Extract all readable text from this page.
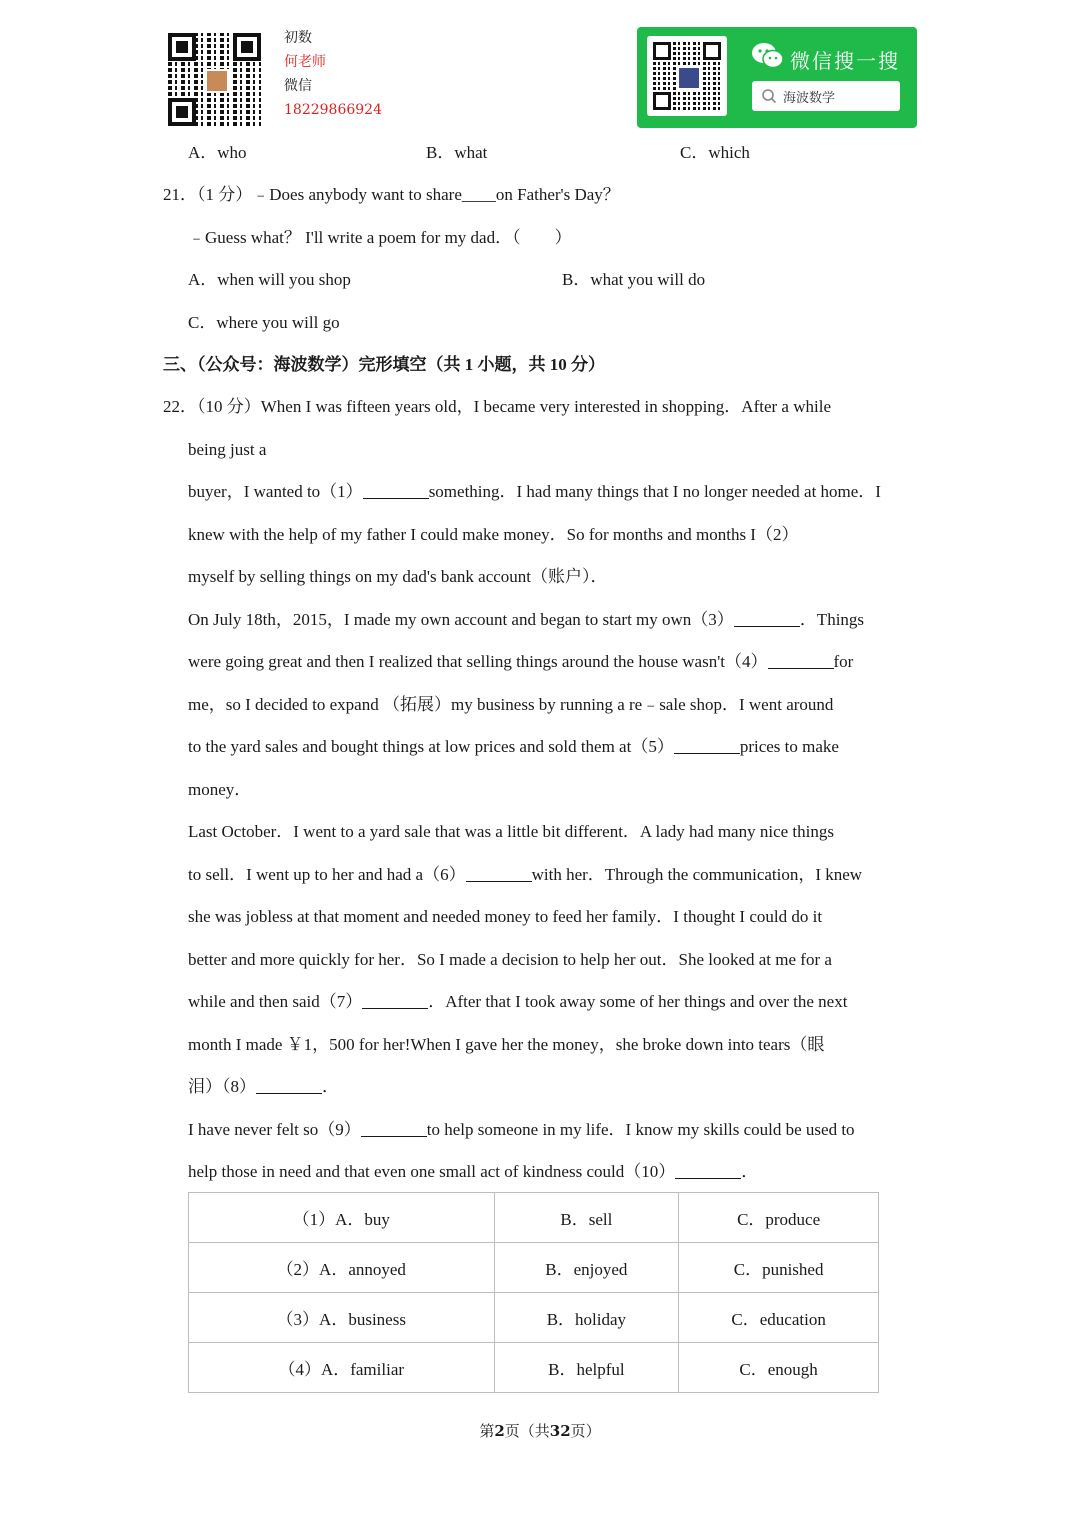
初数
何老师
微信
18229866924
微信搜一搜
海波数学
A．who	B．what	C．which
21．（1 分）﹣Does anybody want to share____on Father's Day？
﹣Guess what？ I'll write a poem for my dad．（　　）
A．when will you shop	B．what you will do
C．where you will go
三、（公众号：海波数学）完形填空（共 1 小题，共 10 分）
22．（10 分）When I was fifteen years old，I became very interested in shopping．After a while
being just a
buyer，I wanted to（1）	something．I had many things that I no longer needed at home．I
knew with the help of my father I could make money．So for months and months I（2）
myself by selling things on my dad's bank account（账户）．
On July 18th，2015，I made my own account and began to start my own（3）	．Things
were going great and then I realized that selling things around the house wasn't（4）	for
me，so I decided to expand （拓展）my business by running a re﹣sale shop．I went around
to the yard sales and bought things at low prices and sold them at（5）	prices to make
money．
Last October．I went to a yard sale that was a little bit different．A lady had many nice things
to sell．I went up to her and had a（6）	with her．Through the communication，I knew
she was jobless at that moment and needed money to feed her family．I thought I could do it
better and more quickly for her．So I made a decision to help her out．She looked at me for a
while and then said（7）	．After that I took away some of her things and over the next
month I made ￥1，500 for her!When I gave her the money，she broke down into tears（眼
泪）（8）	．
I have never felt so（9）	to help someone in my life．I know my skills could be used to
help those in need and that even one small act of kindness could（10）	．
（1）A．buy	B．sell	C．produce
（2）A．annoyed	B．enjoyed	C．punished
（3）A．business	B．holiday	C．education
（4）A．familiar	B．helpful	C．enough
第2页（共32页）
